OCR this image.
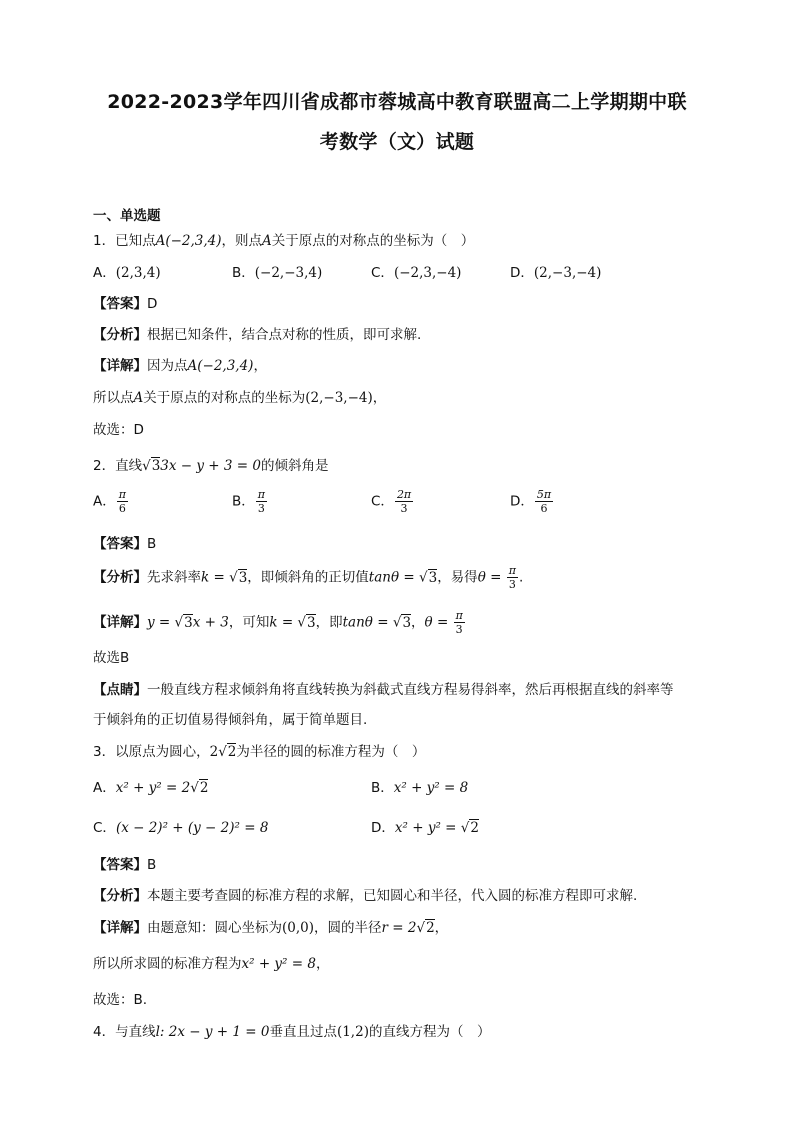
2022-2023学年四川省成都市蓉城高中教育联盟高二上学期期中联
考数学（文）试题
一、单选题
1．已知点A(−2,3,4)，则点A关于原点的对称点的坐标为（　）
A．(2,3,4)	B．(−2,−3,4)	C．(−2,3,−4)	D．(2,−3,−4)
【答案】D
【分析】根据已知条件，结合点对称的性质，即可求解.
【详解】因为点A(−2,3,4)，
所以点A关于原点的对称点的坐标为(2,−3,−4)，
故选：D
2．直线√33x − y + 3 = 0的倾斜角是
A． $\frac{\pi}{6}$	B． $\frac{\pi}{3}$	C． $\frac{2\pi}{3}$	D． $\frac{5\pi}{6}$
【答案】B
【分析】先求斜率k = √3，即倾斜角的正切值tanθ = √3，易得$\theta = \frac{\pi}{3}$ .
【详解】y = √3x + 3，可知k = √3，即tanθ = √3，$\theta = \frac{\pi}{3}$
故选B
【点睛】一般直线方程求倾斜角将直线转换为斜截式直线方程易得斜率，然后再根据直线的斜率等
于倾斜角的正切值易得倾斜角，属于简单题目.
3．以原点为圆心，2√2为半径的圆的标准方程为（　）
A．x² + y² = 2√2	B．x² + y² = 8
C．(x − 2)² + (y − 2)² = 8	D．x² + y² = √2
【答案】B
【分析】本题主要考查圆的标准方程的求解，已知圆心和半径，代入圆的标准方程即可求解.
【详解】由题意知：圆心坐标为(0,0)，圆的半径r = 2√2，
所以所求圆的标准方程为x² + y² = 8，
故选：B.
4．与直线l: 2x − y + 1 = 0垂直且过点(1,2)的直线方程为（　）
